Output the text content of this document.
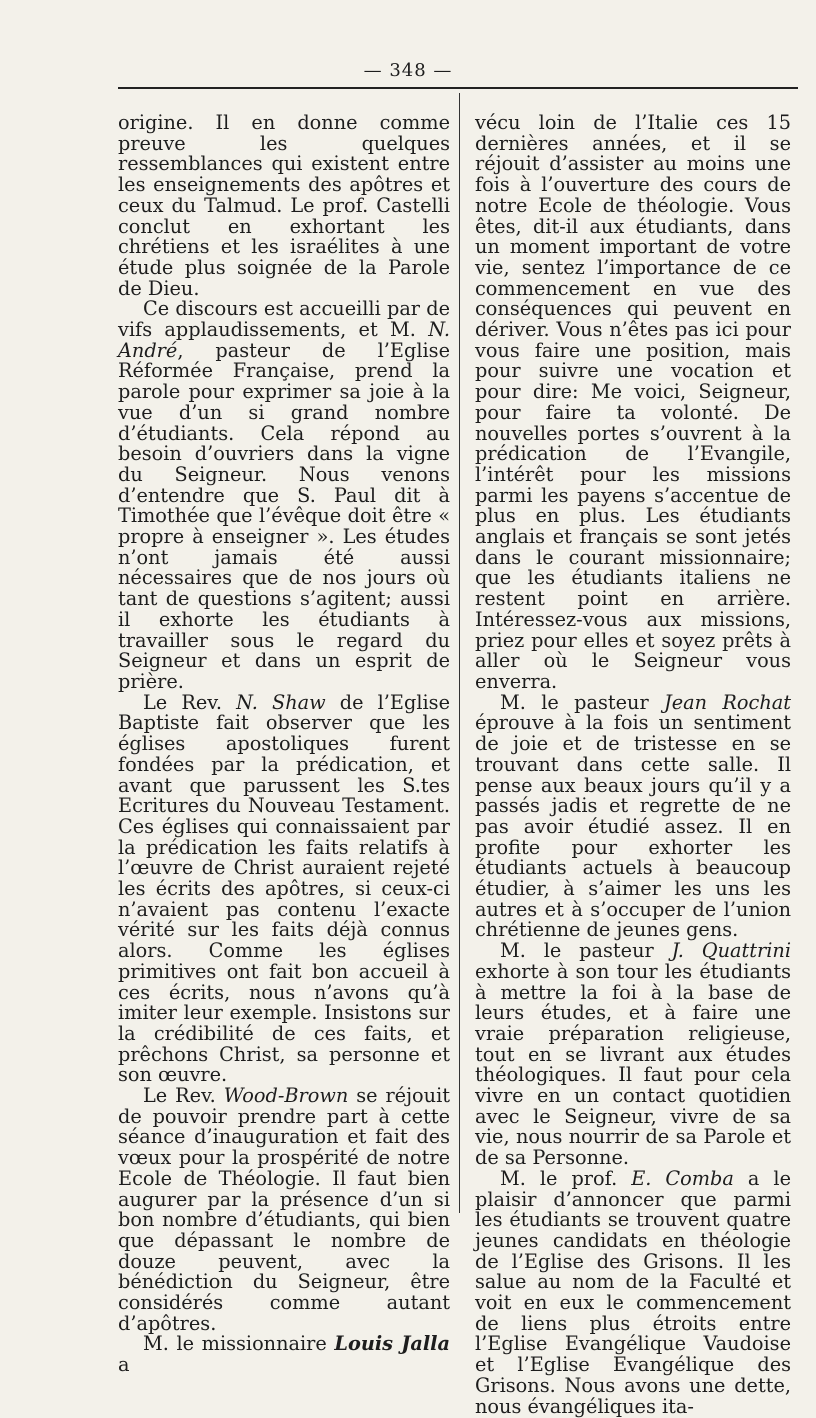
— 348 —

origine. Il en donne comme preuve les quelques ressemblances qui existent entre les enseignements des apôtres et ceux du Talmud. Le prof. Castelli conclut en exhortant les chrétiens et les israélites à une étude plus soignée de la Parole de Dieu.

Ce discours est accueilli par de vifs applaudissements, et M. N. André, pasteur de l’Eglise Réformée Française, prend la parole pour exprimer sa joie à la vue d’un si grand nombre d’étudiants. Cela répond au besoin d’ouvriers dans la vigne du Seigneur. Nous venons d’entendre que S. Paul dit à Timothée que l’évêque doit être « propre à enseigner ». Les études n’ont jamais été aussi nécessaires que de nos jours où tant de questions s’agitent; aussi il exhorte les étudiants à travailler sous le regard du Seigneur et dans un esprit de prière.

Le Rev. N. Shaw de l’Eglise Baptiste fait observer que les églises apostoliques furent fondées par la prédication, et avant que parussent les S.tes Ecritures du Nouveau Testament. Ces églises qui connaissaient par la prédication les faits relatifs à l’œuvre de Christ auraient rejeté les écrits des apôtres, si ceux-ci n’avaient pas contenu l’exacte vérité sur les faits déjà connus alors. Comme les églises primitives ont fait bon accueil à ces écrits, nous n’avons qu’à imiter leur exemple. Insistons sur la crédibilité de ces faits, et prêchons Christ, sa personne et son œuvre.

Le Rev. Wood-Brown se réjouit de pouvoir prendre part à cette séance d’inauguration et fait des vœux pour la prospérité de notre Ecole de Théologie. Il faut bien augurer par la présence d’un si bon nombre d’étudiants, qui bien que dépassant le nombre de douze peuvent, avec la bénédiction du Seigneur, être considérés comme autant d’apôtres.

M. le missionnaire Louis Jalla a

vécu loin de l’Italie ces 15 dernières années, et il se réjouit d’assister au moins une fois à l’ouverture des cours de notre Ecole de théologie. Vous êtes, dit-il aux étudiants, dans un moment important de votre vie, sentez l’importance de ce commencement en vue des conséquences qui peuvent en dériver. Vous n’êtes pas ici pour vous faire une position, mais pour suivre une vocation et pour dire: Me voici, Seigneur, pour faire ta volonté. De nouvelles portes s’ouvrent à la prédication de l’Evangile, l’intérêt pour les missions parmi les payens s’accentue de plus en plus. Les étudiants anglais et français se sont jetés dans le courant missionnaire; que les étudiants italiens ne restent point en arrière. Intéressez-vous aux missions, priez pour elles et soyez prêts à aller où le Seigneur vous enverra.

M. le pasteur Jean Rochat éprouve à la fois un sentiment de joie et de tristesse en se trouvant dans cette salle. Il pense aux beaux jours qu’il y a passés jadis et regrette de ne pas avoir étudié assez. Il en profite pour exhorter les étudiants actuels à beaucoup étudier, à s’aimer les uns les autres et à s’occuper de l’union chrétienne de jeunes gens.

M. le pasteur J. Quattrini exhorte à son tour les étudiants à mettre la foi à la base de leurs études, et à faire une vraie préparation religieuse, tout en se livrant aux études théologiques. Il faut pour cela vivre en un contact quotidien avec le Seigneur, vivre de sa vie, nous nourrir de sa Parole et de sa Personne.

M. le prof. E. Comba a le plaisir d’annoncer que parmi les étudiants se trouvent quatre jeunes candidats en théologie de l’Eglise des Grisons. Il les salue au nom de la Faculté et voit en eux le commencement de liens plus étroits entre l’Eglise Evangélique Vaudoise et l’Eglise Evangélique des Grisons. Nous avons une dette, nous évangéliques ita-
